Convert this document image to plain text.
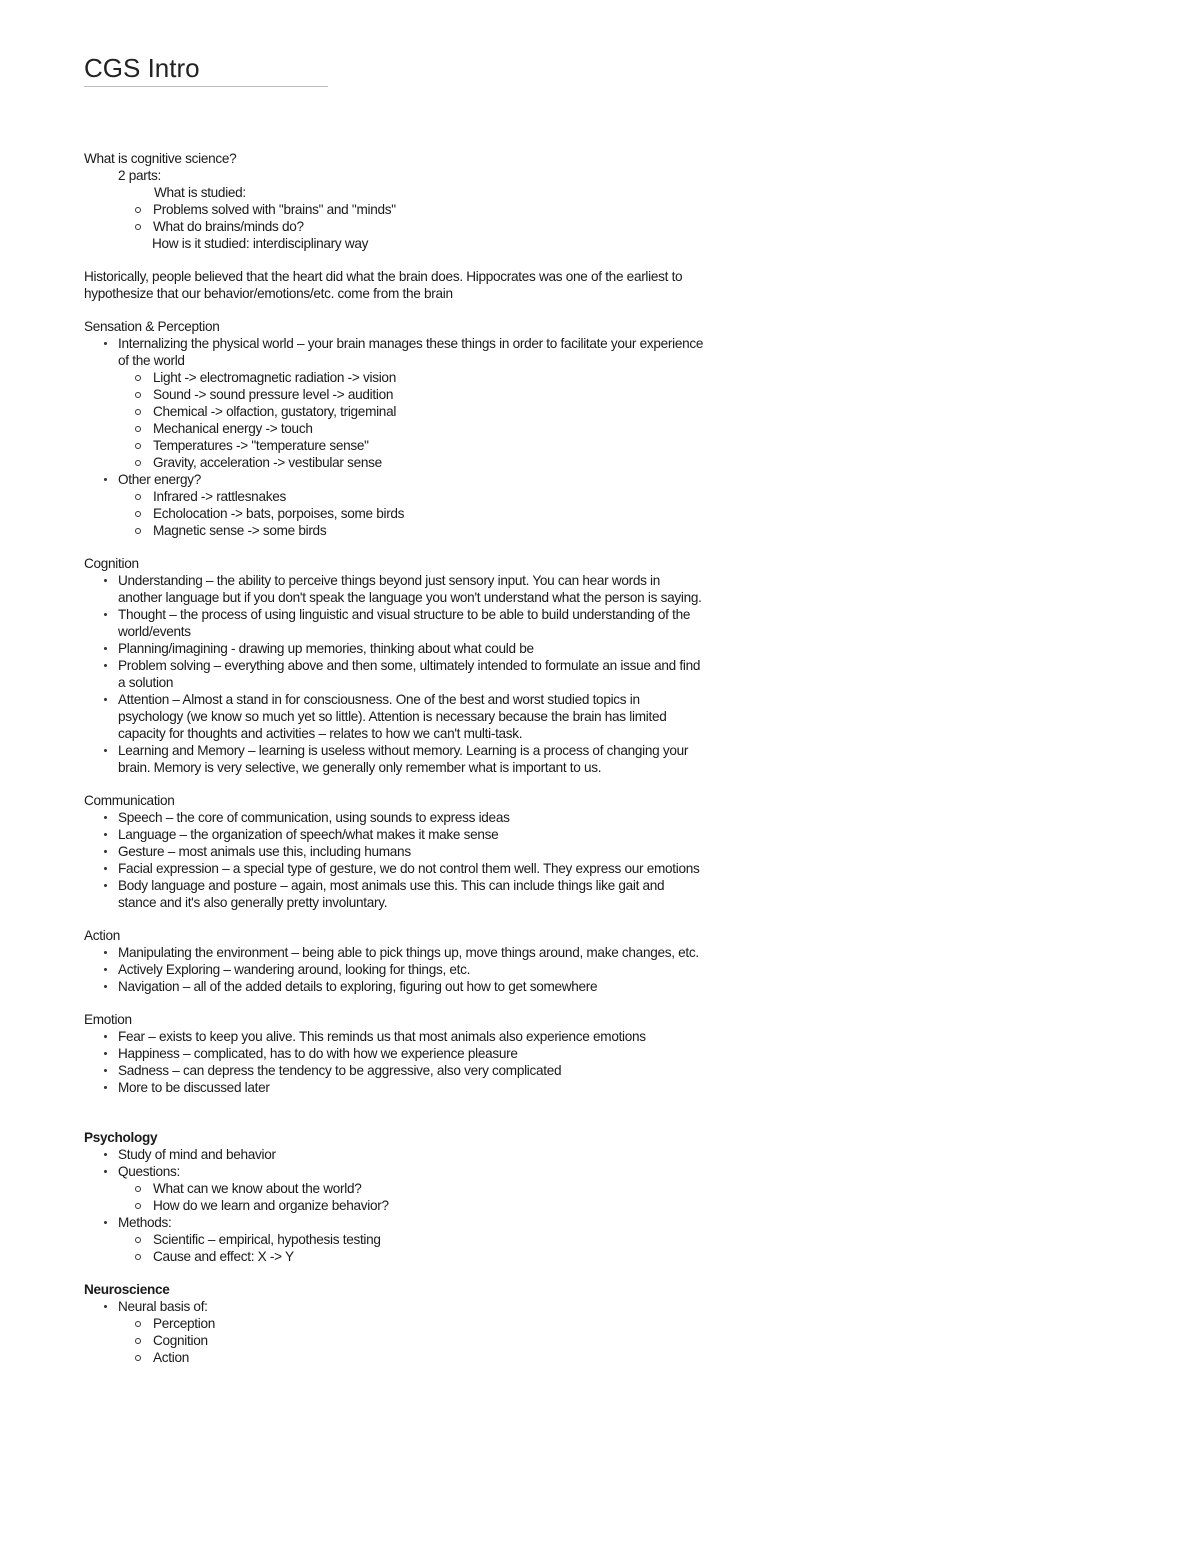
CGS Intro

What is cognitive science?

2 parts:

What is studied:

Problems solved with "brains" and "minds"
What do brains/minds do?

How is it studied: interdisciplinary way

Historically, people believed that the heart did what the brain does. Hippocrates was one of the earliest to hypothesize that our behavior/emotions/etc. come from the brain

Sensation & Perception

Internalizing the physical world – your brain manages these things in order to facilitate your experience of the world
Light -> electromagnetic radiation -> vision
Sound -> sound pressure level -> audition
Chemical -> olfaction, gustatory, trigeminal
Mechanical energy -> touch
Temperatures -> "temperature sense"
Gravity, acceleration -> vestibular sense
Other energy?
Infrared -> rattlesnakes
Echolocation -> bats, porpoises, some birds
Magnetic sense -> some birds

Cognition

Understanding – the ability to perceive things beyond just sensory input. You can hear words in another language but if you don't speak the language you won't understand what the person is saying.
Thought – the process of using linguistic and visual structure to be able to build understanding of the world/events
Planning/imagining - drawing up memories, thinking about what could be
Problem solving – everything above and then some, ultimately intended to formulate an issue and find a solution
Attention – Almost a stand in for consciousness. One of the best and worst studied topics in psychology (we know so much yet so little). Attention is necessary because the brain has limited capacity for thoughts and activities – relates to how we can't multi-task.
Learning and Memory – learning is useless without memory. Learning is a process of changing your brain. Memory is very selective, we generally only remember what is important to us.

Communication

Speech – the core of communication, using sounds to express ideas
Language – the organization of speech/what makes it make sense
Gesture – most animals use this, including humans
Facial expression – a special type of gesture, we do not control them well. They express our emotions
Body language and posture – again, most animals use this. This can include things like gait and stance and it's also generally pretty involuntary.

Action

Manipulating the environment – being able to pick things up, move things around, make changes, etc.
Actively Exploring – wandering around, looking for things, etc.
Navigation – all of the added details to exploring, figuring out how to get somewhere

Emotion

Fear – exists to keep you alive. This reminds us that most animals also experience emotions
Happiness – complicated, has to do with how we experience pleasure
Sadness – can depress the tendency to be aggressive, also very complicated
More to be discussed later

Psychology

Study of mind and behavior
Questions:
What can we know about the world?
How do we learn and organize behavior?
Methods:
Scientific – empirical, hypothesis testing
Cause and effect: X -> Y

Neuroscience

Neural basis of:
Perception
Cognition
Action
